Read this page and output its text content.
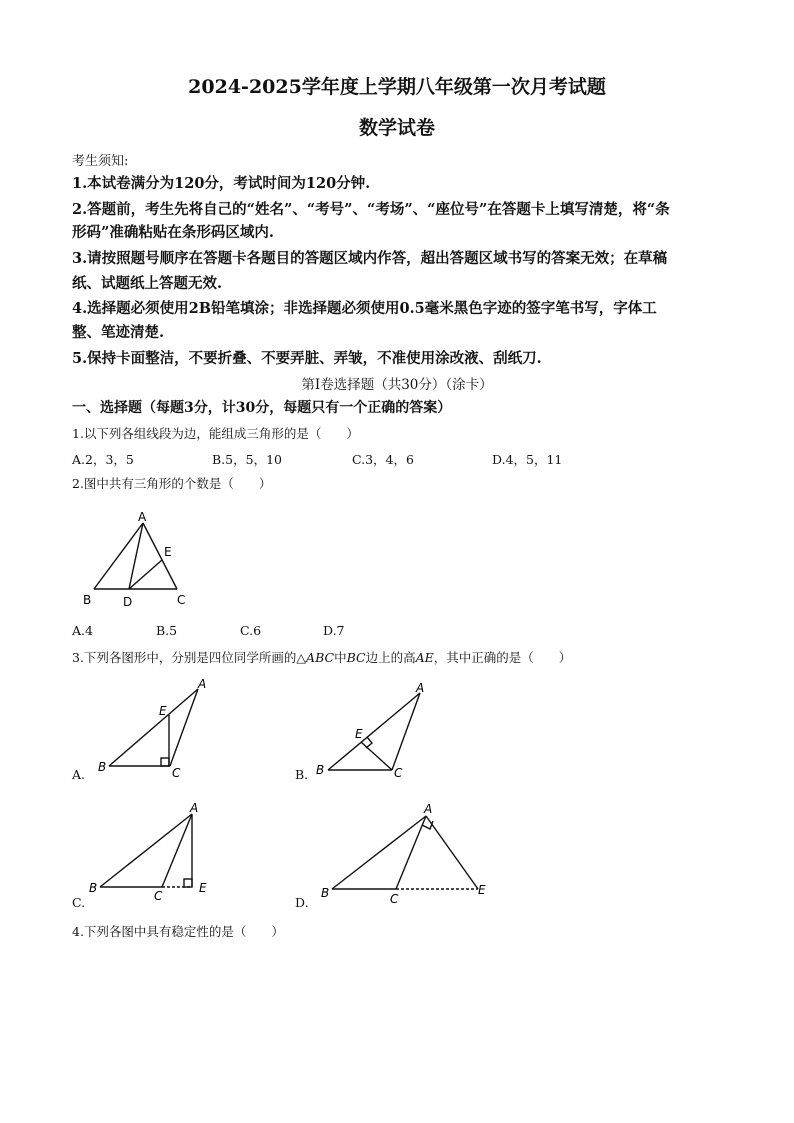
2024-2025学年度上学期八年级第一次月考试题
数学试卷
考生须知:
1.本试卷满分为120分，考试时间为120分钟.
2.答题前，考生先将自己的“姓名”、“考号”、“考场”、“座位号”在答题卡上填写清楚，将“条
形码”准确粘贴在条形码区域内.
3.请按照题号顺序在答题卡各题目的答题区域内作答，超出答题区域书写的答案无效；在草稿
纸、试题纸上答题无效.
4.选择题必须使用2B铅笔填涂；非选择题必须使用0.5毫米黑色字迹的签字笔书写，字体工
整、笔迹清楚.
5.保持卡面整洁，不要折叠、不要弄脏、弄皱，不准使用涂改液、刮纸刀.
第Ⅰ卷选择题（共30分）（涂卡）
一、选择题（每题3分，计30分，每题只有一个正确的答案）
1.以下列各组线段为边，能组成三角形的是（　　）
A.2，3，5	B.5，5，10	C.3，4，6	D.4，5，11
2.图中共有三角形的个数是（　　）
A
E
B	D	C
A.4	B.5	C.6	D.7
3.下列各图形中，分别是四位同学所画的△ABC中BC边上的高AE，其中正确的是（　　）
A
E
B	C
A.
A
E
B	C
B.
A
B
C
E
C.
A
B	C
E
D.
4.下列各图中具有稳定性的是（　　）
